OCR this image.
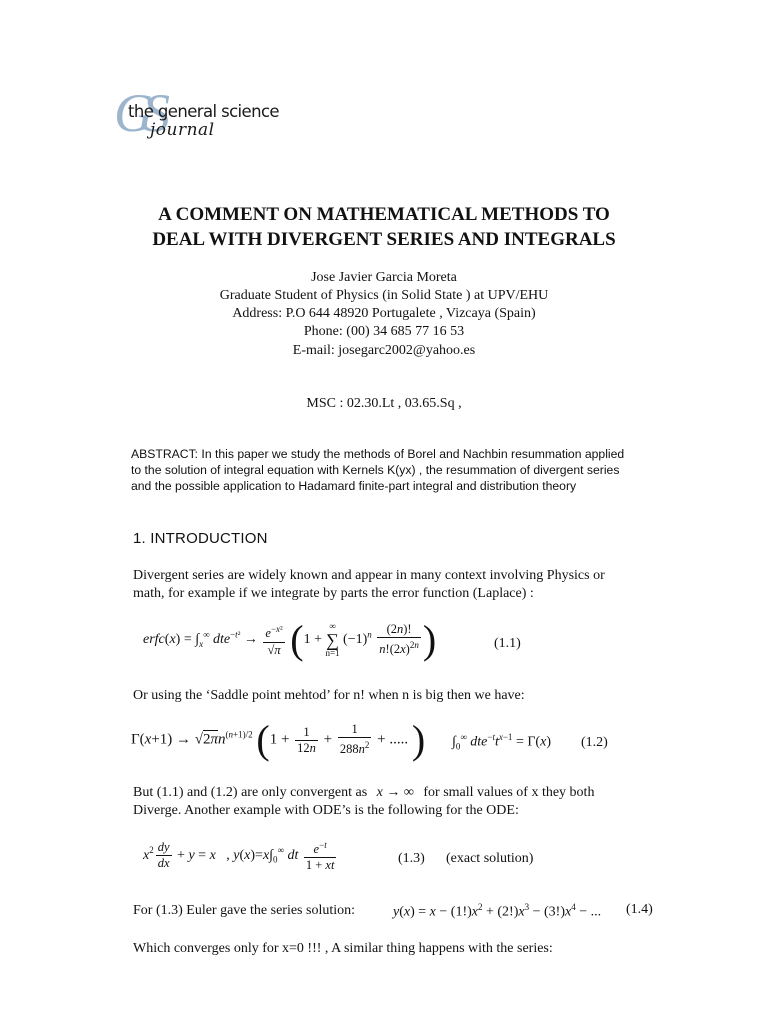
GS
the general science
journal
A COMMENT ON MATHEMATICAL METHODS TO
DEAL WITH DIVERGENT SERIES AND INTEGRALS
Jose Javier Garcia Moreta
Graduate Student of Physics (in Solid State ) at UPV/EHU
Address: P.O 644 48920 Portugalete , Vizcaya (Spain)
Phone: (00) 34 685 77 16 53
E-mail: josegarc2002@yahoo.es
MSC : 02.30.Lt , 03.65.Sq ,
ABSTRACT: In this paper we study the methods of Borel and Nachbin resummation applied
to the solution of integral equation with Kernels K(yx) , the resummation of divergent series
and the possible application to Hadamard finite-part integral and distribution theory
1. INTRODUCTION
Divergent series are widely known and appear in many context involving Physics or
math, for example if we integrate by parts the error function (Laplace) :
erfc(x) = $\int_x^\infty$ $dte^{-t^2} \to \frac{e^{-x^2}}{√\pi} (1$ + ∞
∑
n=1 $(-1)^n \frac{(2n)!}{n!(2x)^{2n}}$ )	(1.1)
Or using the ‘Saddle point mehtod’ for n! when n is big then we have:
$\Gamma(x+1) \to √2\pi n^{(n+1)/2}$ ($1 + \frac{1}{12n} + \frac{1}{288n^2}$ + ..... ) $\int_0^\infty$ $dte^{-t}t^{x-1} = \Gamma(x)$ (1.2)
But (1.1) and (1.2) are only convergent as x → ∞ for small values of x they both
Diverge. Another example with ODE’s is the following for the ODE:
$x^2 \frac{dy}{dx} + y = x$   , $y(x)=x\int_0^\infty$ dt $\frac{e^{-t}}{1 + xt}$	(1.3) (exact solution)
For (1.3) Euler gave the series solution:	$y(x) = x - (1!)x^2 + (2!)x^3 - (3!)x^4$ − ... (1.4)
Which converges only for x=0 !!! , A similar thing happens with the series:
